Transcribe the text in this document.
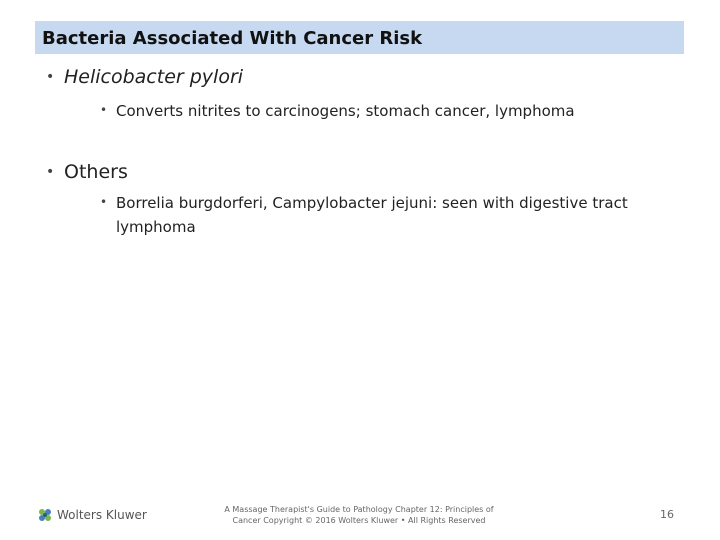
Bacteria Associated With Cancer Risk
• Helicobacter pylori
• Converts nitrites to carcinogens; stomach cancer, lymphoma
• Others
• Borrelia burgdorferi, Campylobacter jejuni: seen with digestive tract lymphoma
Wolters Kluwer	A Massage Therapist's Guide to Pathology Chapter 12: Principles of Cancer Copyright © 2016 Wolters Kluwer • All Rights Reserved	16
